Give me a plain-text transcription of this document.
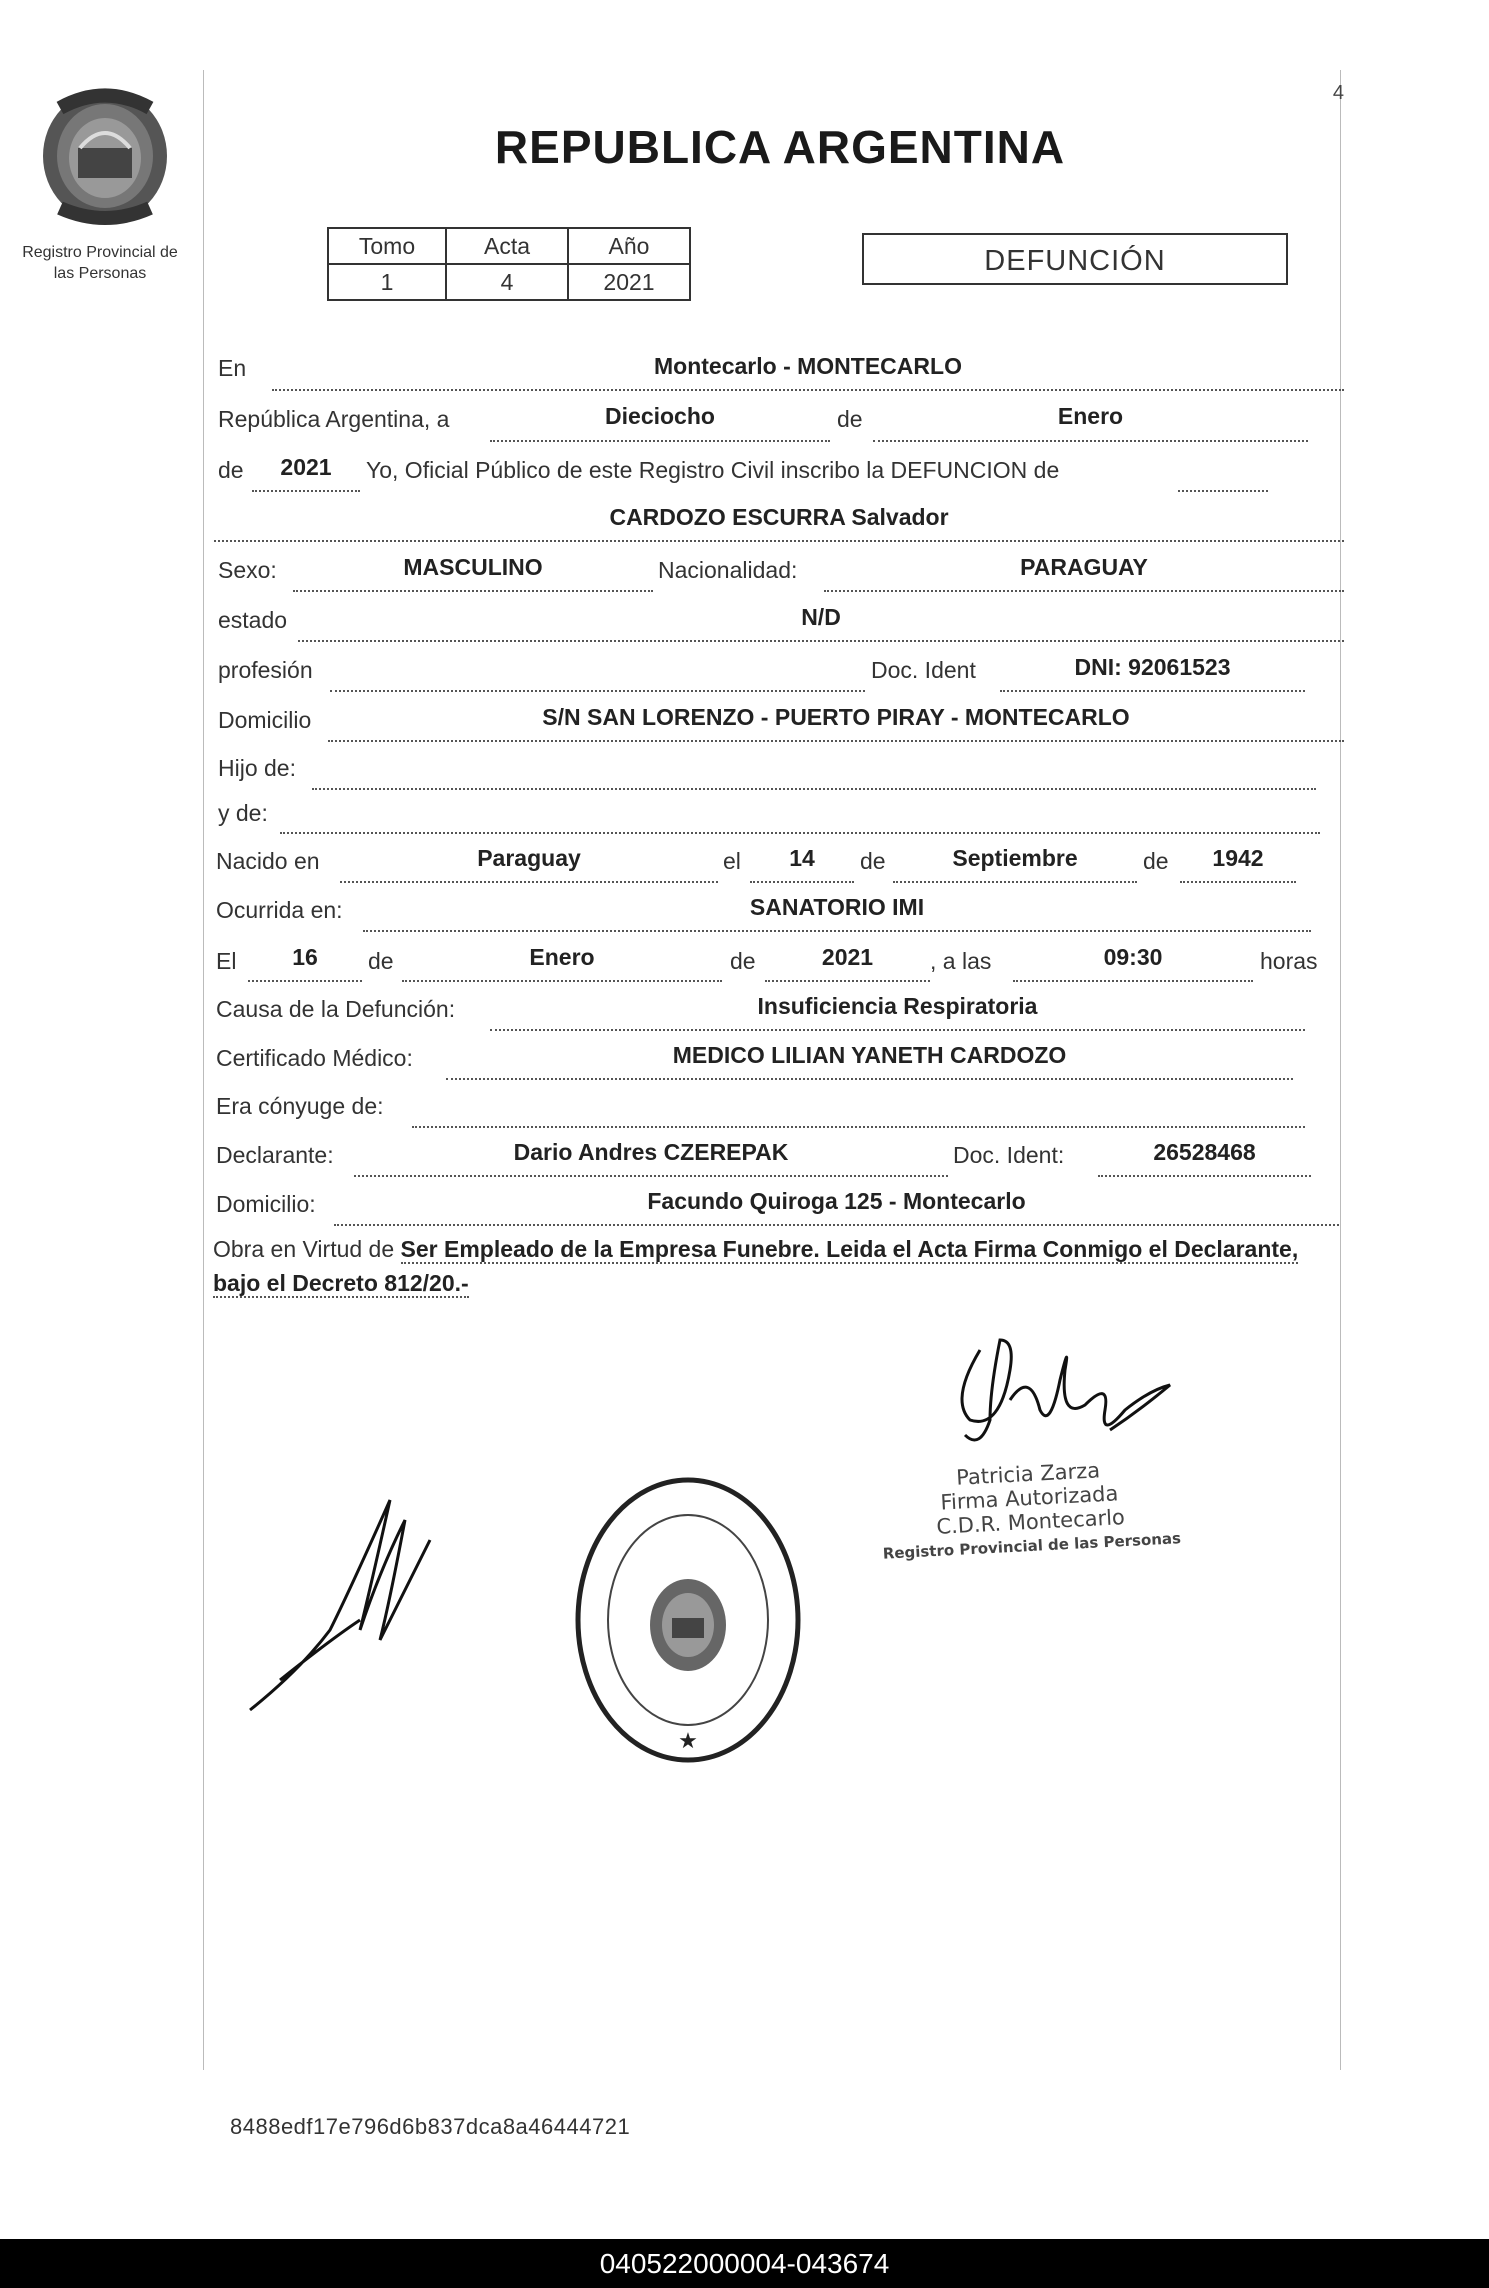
4
Registro Provincial de
las Personas
REPUBLICA ARGENTINA
Tomo	Acta	Año
1	4	2021
DEFUNCIÓN
En	Montecarlo - MONTECARLO
República Argentina, a	Dieciocho	de	Enero
de	2021	Yo, Oficial Público de este Registro Civil inscribo la DEFUNCION de
CARDOZO ESCURRA Salvador
Sexo:	MASCULINO	Nacionalidad:	PARAGUAY
estado	N/D
profesión	Doc. Ident	DNI: 92061523
Domicilio	S/N SAN LORENZO - PUERTO PIRAY - MONTECARLO
Hijo de:
y de:
Nacido en	Paraguay	el	14	de	Septiembre	de	1942
Ocurrida en:	SANATORIO IMI
El	16	de	Enero	de	2021	, a las	09:30	horas
Causa de la Defunción:	Insuficiencia Respiratoria
Certificado Médico:	MEDICO LILIAN YANETH CARDOZO
Era cónyuge de:
Declarante:	Dario Andres CZEREPAK	Doc. Ident:	26528468
Domicilio:	Facundo Quiroga 125 - Montecarlo
Obra en Virtud de Ser Empleado de la Empresa Funebre. Leida el Acta Firma Conmigo el Declarante, bajo el Decreto 812/20.-
Patricia Zarza
Firma Autorizada
C.D.R. Montecarlo
Registro Provincial de las Personas
★
8488edf17e796d6b837dca8a46444721
040522000004-043674
